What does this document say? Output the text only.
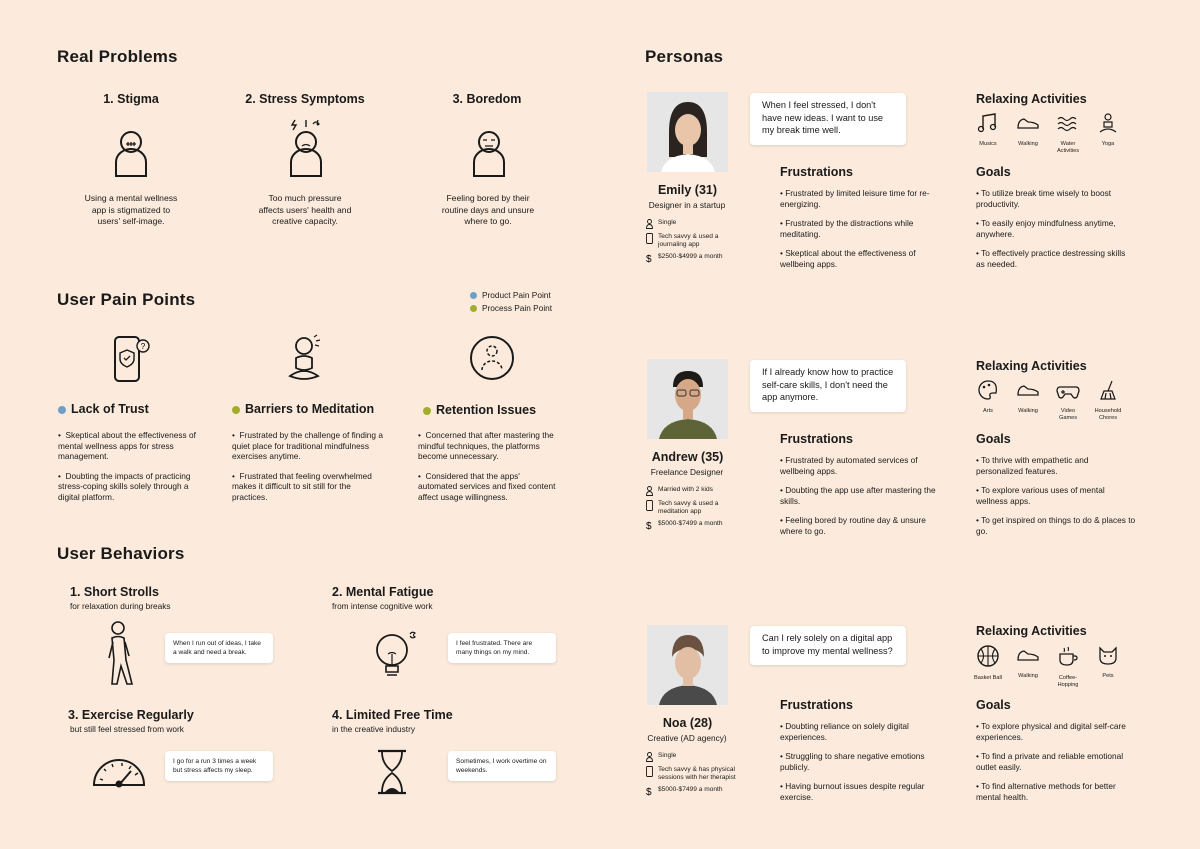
Real Problems
1. Stigma
Using a mental wellness app is stigmatized to users' self-image.
2. Stress Symptoms
Too much pressure affects users' health and creative capacity.
3. Boredom
Feeling bored by their routine days and unsure where to go.
User Pain Points	Product Pain Point
Process Pain Point
?
Lack of Trust	Barriers to Meditation	Retention Issues

•  Skeptical about the effectiveness of mental wellness apps for stress management.

•  Doubting the impacts of practicing stress-coping skills solely through a digital platform.

•  Frustrated by the challenge of finding a quiet place for traditional mindfulness exercises anytime.

•  Frustrated that feeling overwhelmed makes it difficult to sit still for the practices.

•  Concerned that after mastering the mindful techniques, the platforms become unnecessary.

•  Considered that the apps' automated services and fixed content affect usage willingness.

User Behaviors
1. Short Strolls
for relaxation during breaks
When I run out of ideas, I take a walk and need a break.
2. Mental Fatigue
from intense cognitive work
I feel frustrated. There are many things on my mind.
3. Exercise Regularly
but still feel stressed from work
I go for a run 3 times a week but stress affects my sleep.
4. Limited Free Time
in the creative industry
Sometimes, I work overtime on weekends.
Personas
Emily (31)
Designer in a startup
Single
Tech savvy & used a journaling app
$ $2500-$4999 a month
When I feel stressed, I don't have new ideas. I want to use my break time well.
Frustrations

• Frustrated by limited leisure time for re-energizing.

• Frustrated by the distractions while meditating.

• Skeptical about the effectiveness of wellbeing apps.

Relaxing Activities
Musics	Walking	Water Activities
Yoga
Goals

• To utilize break time wisely to boost productivity.

• To easily enjoy mindfulness anytime, anywhere.

• To effectively practice destressing skills as needed.

Andrew (35)
Freelance Designer
Married with 2 kids
Tech savvy & used a meditation app
$ $5000-$7499 a month
If I already know how to practice self-care skills, I don't need the app anymore.
Frustrations

• Frustrated by automated services of wellbeing apps.

• Doubting the app use after mastering the skills.

• Feeling bored by routine day & unsure where to go.

Relaxing Activities
Arts	Walking	Video Games
Household Chores
Goals

• To thrive with empathetic and personalized features.

• To explore various uses of mental wellness apps.

• To get inspired on things to do & places to go.

Noa (28)
Creative (AD agency)
Single
Tech savvy & has physical sessions with her therapist
$ $5000-$7499 a month
Can I rely solely on a digital app to improve my mental wellness?
Frustrations

• Doubting reliance on solely digital experiences.

• Struggling to share negative emotions publicly.

• Having burnout issues despite regular exercise.

Relaxing Activities
Basket Ball	Walking	Coffee-Hopping
Pets
Goals

• To explore physical and digital self-care experiences.

• To find a private and reliable emotional outlet easily.

• To find alternative methods for better mental health.
